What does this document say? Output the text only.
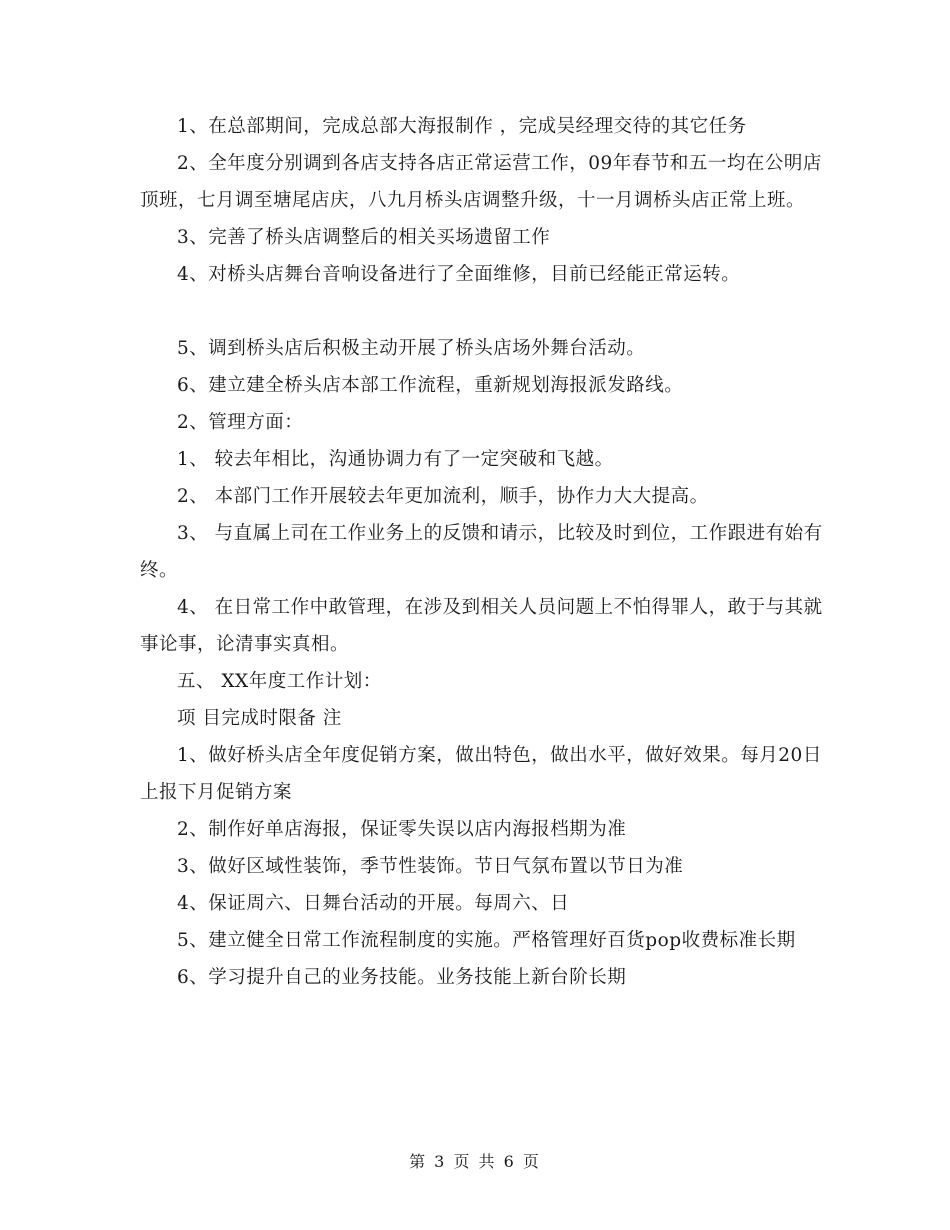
1、在总部期间，完成总部大海报制作 ，完成吴经理交待的其它任务

2、全年度分别调到各店支持各店正常运营工作，09年春节和五一均在公明店顶班，七月调至塘尾店庆，八九月桥头店调整升级，十一月调桥头店正常上班。

3、完善了桥头店调整后的相关买场遗留工作

4、对桥头店舞台音响设备进行了全面维修，目前已经能正常运转。

5、调到桥头店后积极主动开展了桥头店场外舞台活动。

6、建立建全桥头店本部工作流程，重新规划海报派发路线。

2、管理方面：

1、 较去年相比，沟通协调力有了一定突破和飞越。

2、 本部门工作开展较去年更加流利，顺手，协作力大大提高。

3、 与直属上司在工作业务上的反馈和请示，比较及时到位，工作跟进有始有终。

4、 在日常工作中敢管理，在涉及到相关人员问题上不怕得罪人，敢于与其就事论事，论清事实真相。

五、 XX年度工作计划：

项 目完成时限备 注

1、做好桥头店全年度促销方案，做出特色，做出水平，做好效果。每月20日上报下月促销方案

2、制作好单店海报，保证零失误以店内海报档期为准

3、做好区域性装饰，季节性装饰。节日气氛布置以节日为准

4、保证周六、日舞台活动的开展。每周六、日

5、建立健全日常工作流程制度的实施。严格管理好百货pop收费标准长期

6、学习提升自己的业务技能。业务技能上新台阶长期

第 3 页 共 6 页
